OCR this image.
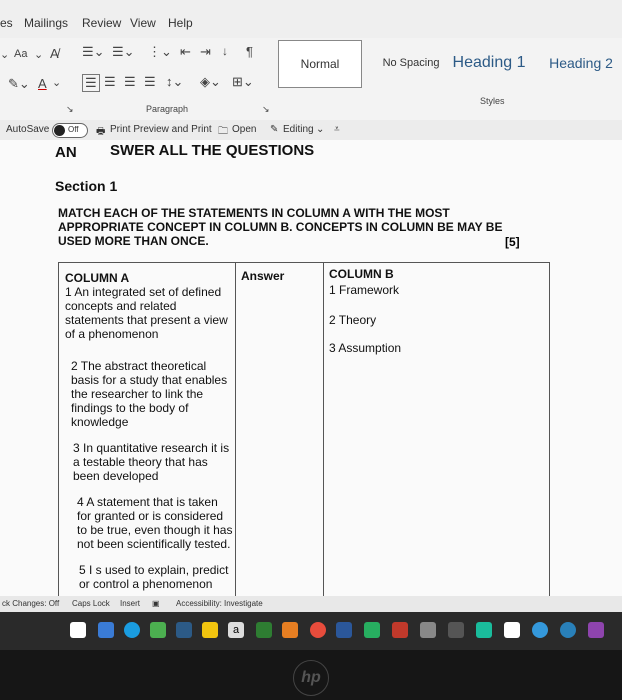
es Mailings Review View Help
⌄ Aa ⌄ A̸ ☰⌄ ☰⌄ ⋮⌄ ⇤ ⇥ ↓ ¶
✎⌄ A ⌄ ☰ ☰ ☰ ☰ ↕⌄ ◈⌄ ⊞⌄
↘	Paragraph	↘
Normal	No Spacing Heading 1	Heading 2
Styles
AutoSave Off 🖶 Print Preview and Print 🗀 Open ✎ Editing ⌄ ⩡
AN SWER ALL THE QUESTIONS
Section 1
MATCH EACH OF THE STATEMENTS IN COLUMN A WITH THE MOST APPROPRIATE CONCEPT IN COLUMN B. CONCEPTS IN COLUMN BE MAY BE USED MORE THAN ONCE.	[5]
COLUMN A	Answer	COLUMN B
1 An integrated set of defined concepts and related statements that present a view of a phenomenon
2 The abstract theoretical basis for a study that enables the researcher to link the findings to the body of knowledge
3 In quantitative research it is a testable theory that has been developed
4 A statement that is taken for granted or is considered to be true, even though it has not been scientifically tested.
5 I s used to explain, predict or control a phenomenon
1 Framework
2 Theory
3 Assumption
ck Changes: Off Caps Lock Insert ▣ Accessibility: Investigate
a
hp
